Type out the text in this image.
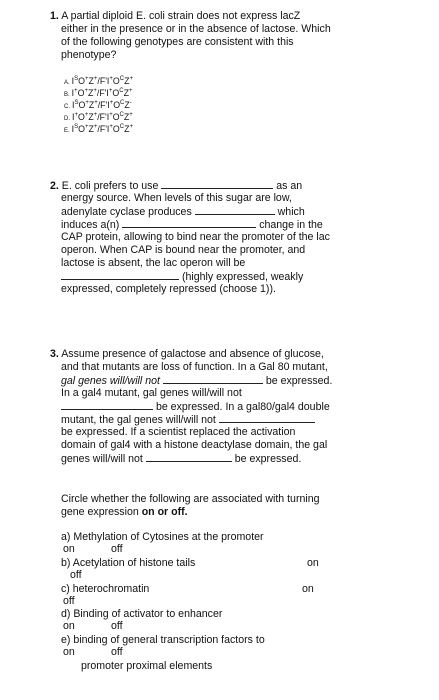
1. A partial diploid E. coli strain does not express lacZ
either in the presence or in the absence of lactose. Which
of the following genotypes are consistent with this
phenotype?
A. $I^SO^+Z^+/F'I^+O^CZ^+$
B. $I^+O^+Z^+/F'I^+O^CZ^+$
C. $I^SO^+Z^+/F'I^+O^CZ^-$
D. $I^+O^+Z^+/F'I^+O^CZ^+$
E. $I^SO^+Z^+/F'I^+O^CZ^+$
2. E. coli prefers to use	as an
energy source. When levels of this sugar are low,
adenylate cyclase produces	which
induces a(n)	change in the
CAP protein, allowing to bind near the promoter of the lac
operon. When CAP is bound near the promoter, and
lactose is absent, the lac operon will be
(highly expressed, weakly
expressed, completely repressed (choose 1)).
3. Assume presence of galactose and absence of glucose,
and that mutants are loss of function. In a Gal 80 mutant,
gal genes will/will not	be expressed.
In a gal4 mutant, gal genes will/will not
be expressed. In a gal80/gal4 double
mutant, the gal genes will/will not
be expressed. If a scientist replaced the activation
domain of gal4 with a histone deactylase domain, the gal
genes will/will not	be expressed.
Circle whether the following are associated with turning
gene expression on or off.
a) Methylation of Cytosines at the promoter
on	off
b) Acetylation of histone tails	on
off
c) heterochromatin	on
off
d) Binding of activator to enhancer
on	off
e) binding of general transcription factors to
on	off
promoter proximal elements
